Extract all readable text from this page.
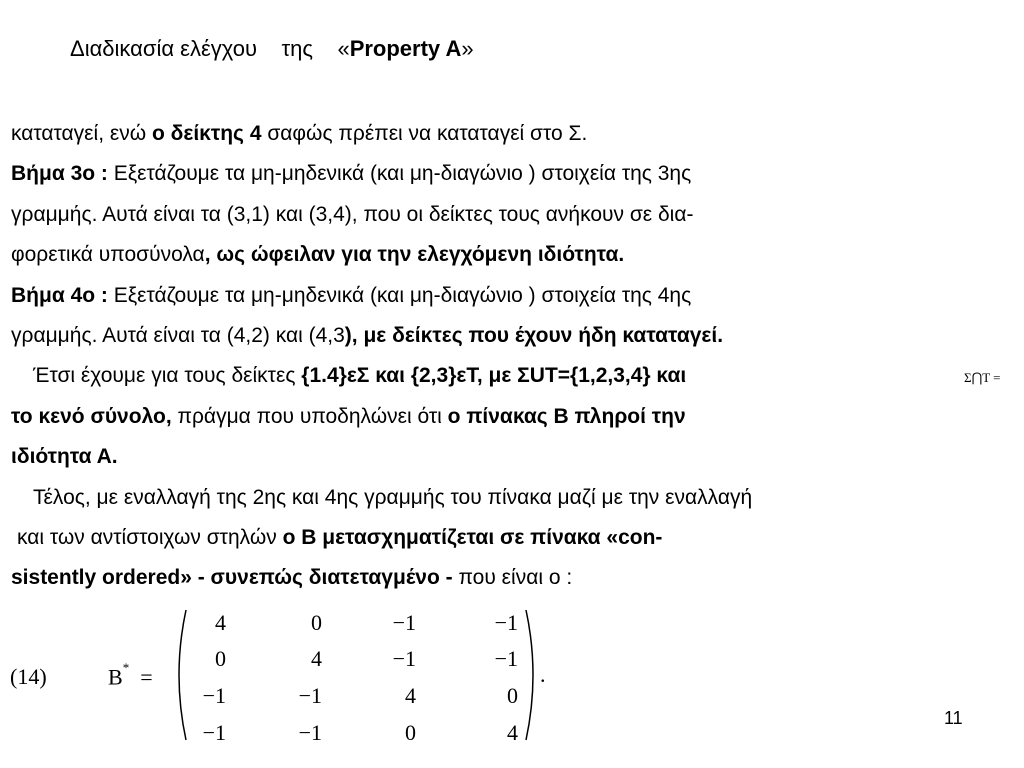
Διαδικασία ελέγχου    της    «Property A»
καταταγεί, ενώ ο δείκτης 4 σαφώς πρέπει να καταταγεί στο Σ.
Βήμα 3ο : Εξετάζουμε τα μη-μηδενικά (και μη-διαγώνιο ) στοιχεία της 3ης
γραμμής. Αυτά είναι τα (3,1) και (3,4), που οι δείκτες τους ανήκουν σε δια-
φορετικά υποσύνολα, ως ώφειλαν για την ελεγχόμενη ιδιότητα.
Βήμα 4ο : Εξετάζουμε τα μη-μηδενικά (και μη-διαγώνιο ) στοιχεία της 4ης
γραμμής. Αυτά είναι τα (4,2) και (4,3), με δείκτες που έχουν ήδη καταταγεί.
Έτσι έχουμε για τους δείκτες {1.4}εΣ και {2,3}εΤ, με ΣUΤ={1,2,3,4} και
το κενό σύνολο, πράγμα που υποδηλώνει ότι ο πίνακας Β πληροί την
ιδιότητα Α.
Τέλος, με εναλλαγή της 2ης και 4ης γραμμής του πίνακα μαζί με την εναλλαγή
και των αντίστοιχων στηλών ο Β μετασχηματίζεται σε πίνακα «con-
sistently ordered» - συνεπώς διατεταγμένο - που είναι ο :
Σ⋂Τ =
(14)	B* =
4	0	−1	−1
0	4	−1	−1
−1	−1	4	0
−1	−1	0	4
.
11
